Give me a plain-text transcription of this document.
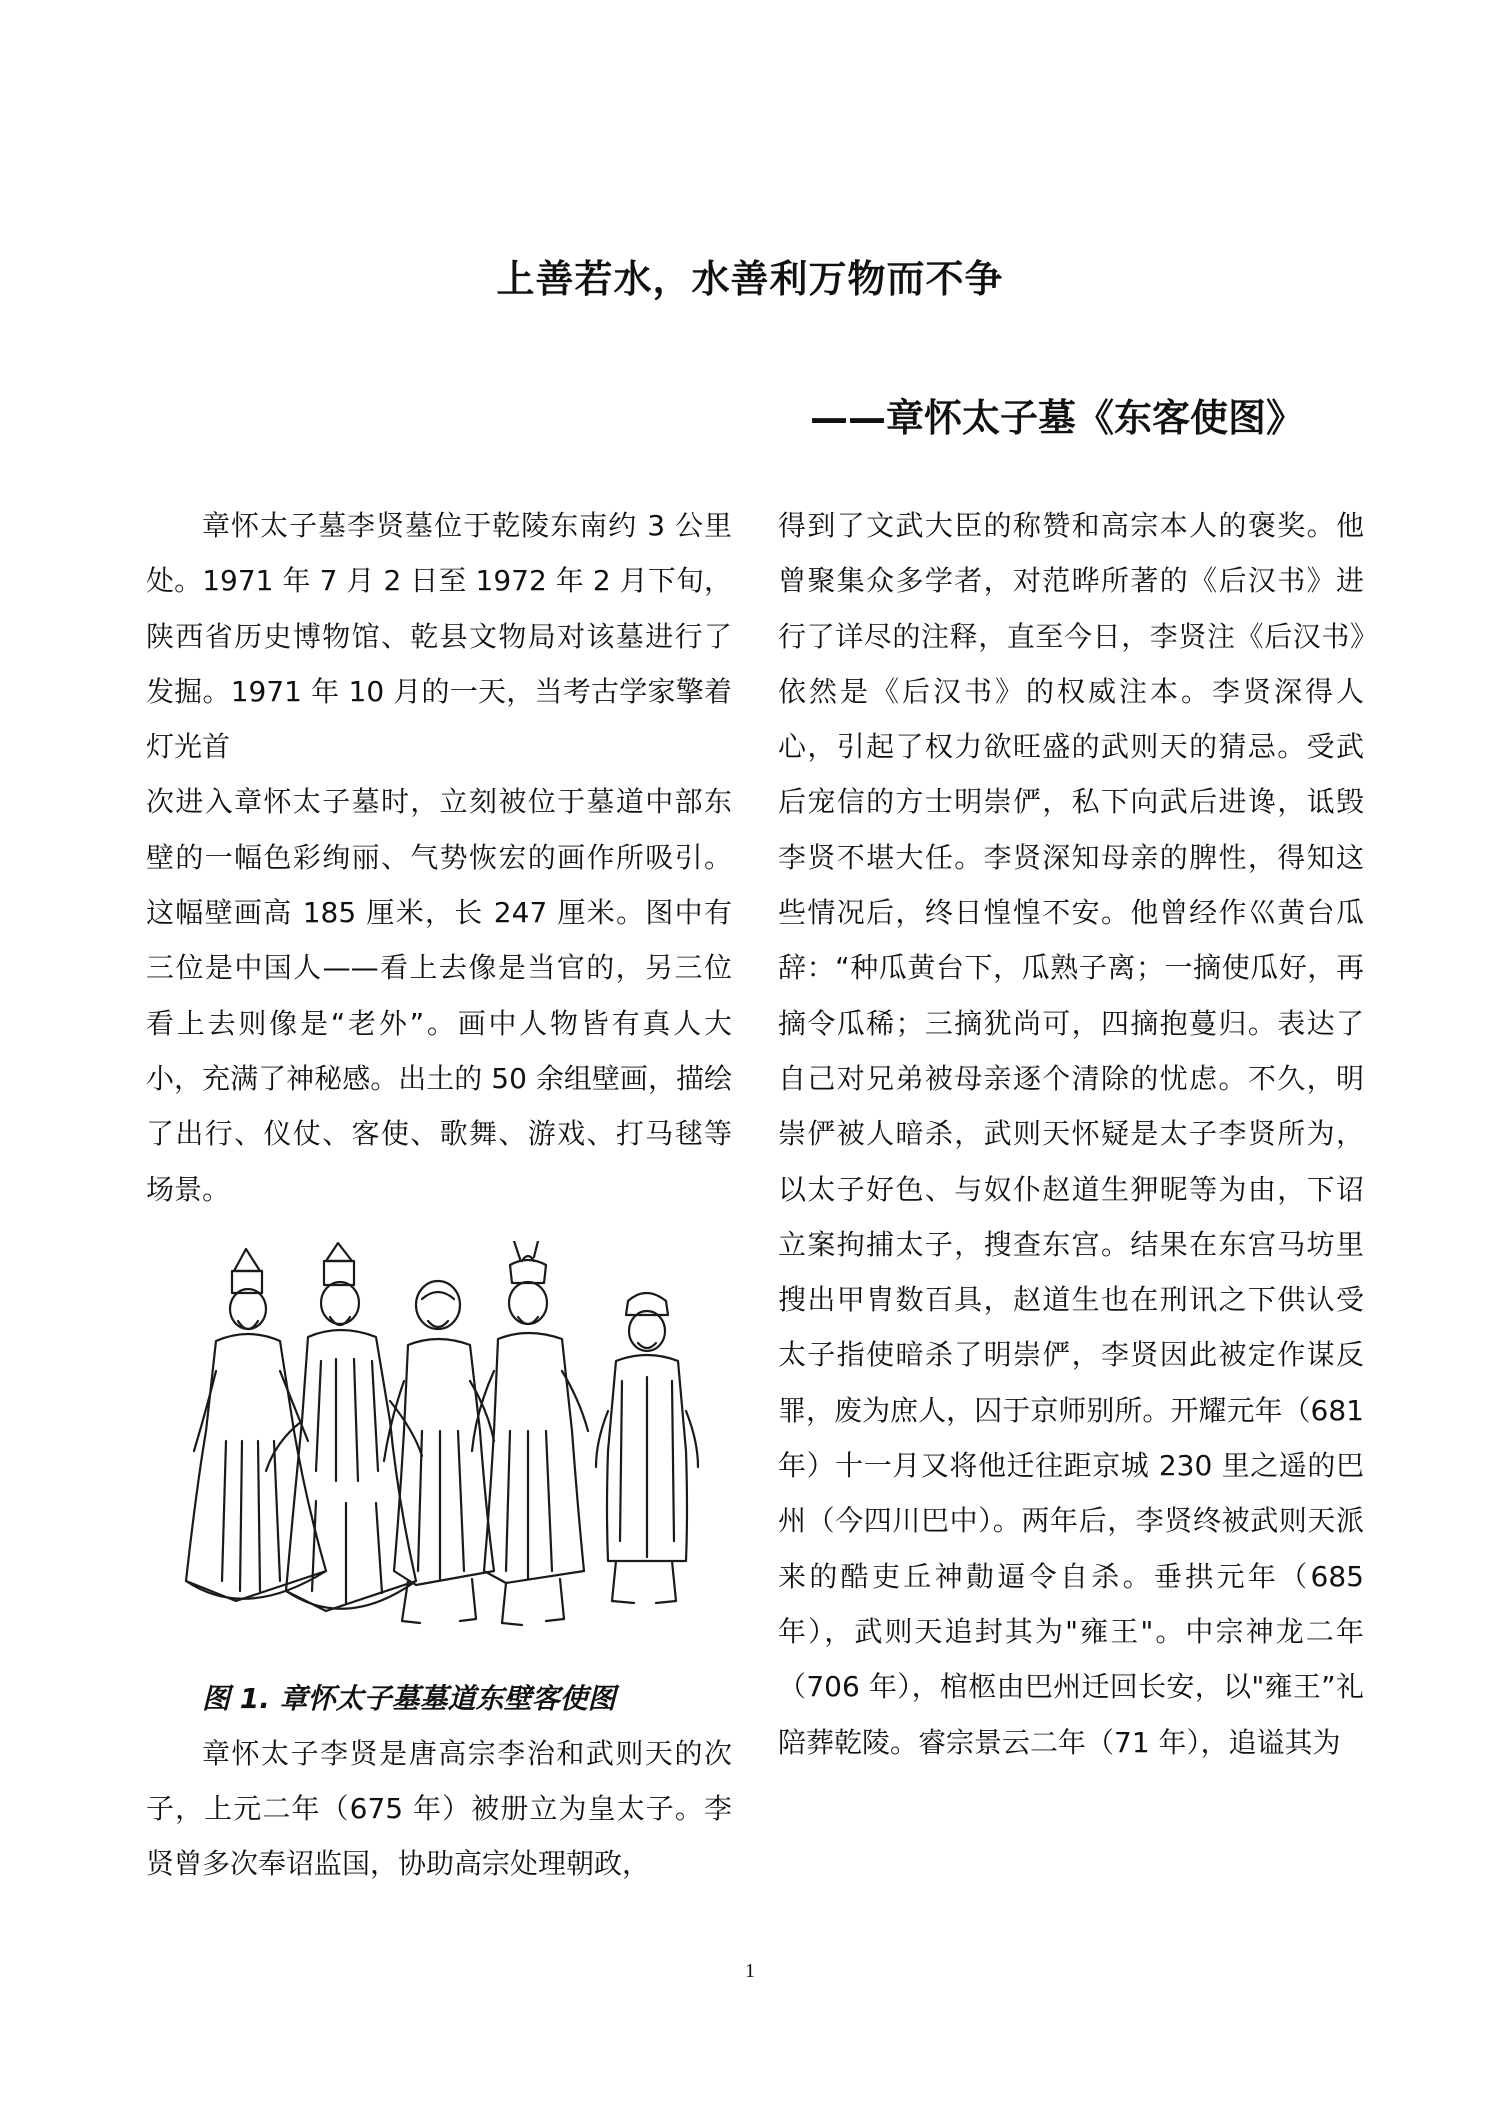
上善若水，水善利万物而不争
——章怀太子墓《东客使图》

章怀太子墓李贤墓位于乾陵东南约 3 公里处。1971 年 7 月 2 日至 1972 年 2 月下旬，陕西省历史博物馆、乾县文物局对该墓进行了发掘。1971 年 10 月的一天，当考古学家擎着灯光首

次进入章怀太子墓时，立刻被位于墓道中部东壁的一幅色彩绚丽、气势恢宏的画作所吸引。这幅壁画高 185 厘米，长 247 厘米。图中有三位是中国人——看上去像是当官的，另三位看上去则像是“老外”。画中人物皆有真人大小，充满了神秘感。出土的 50 余组壁画，描绘了出行、仪仗、客使、歌舞、游戏、打马毬等场景。

图 1. 章怀太子墓墓道东壁客使图

章怀太子李贤是唐高宗李治和武则天的次子，上元二年（675 年）被册立为皇太子。李贤曾多次奉诏监国，协助高宗处理朝政，

得到了文武大臣的称赞和高宗本人的褒奖。他曾聚集众多学者，对范晔所著的《后汉书》进行了详尽的注释，直至今日，李贤注《后汉书》依然是《后汉书》的权威注本。李贤深得人心，引起了权力欲旺盛的武则天的猜忌。受武后宠信的方士明崇俨，私下向武后进谗，诋毁李贤不堪大任。李贤深知母亲的脾性，得知这些情况后，终日惶惶不安。他曾经作巛黄台瓜辞：“种瓜黄台下，瓜熟子离；一摘使瓜好，再摘令瓜稀；三摘犹尚可，四摘抱蔓归。表达了自己对兄弟被母亲逐个清除的忧虑。不久，明崇俨被人暗杀，武则天怀疑是太子李贤所为，以太子好色、与奴仆赵道生狎昵等为由，下诏立案拘捕太子，搜查东宫。结果在东宫马坊里搜出甲胄数百具，赵道生也在刑讯之下供认受太子指使暗杀了明崇俨，李贤因此被定作谋反罪，废为庶人，囚于京师别所。开耀元年（681 年）十一月又将他迁往距京城 230 里之遥的巴州（今四川巴中）。两年后，李贤终被武则天派来的酷吏丘神勣逼令自杀。垂拱元年（685 年），武则天追封其为"雍王"。中宗神龙二年（706 年），棺柩由巴州迁回长安，以"雍王”礼陪葬乾陵。睿宗景云二年（71 年），追谥其为

1
